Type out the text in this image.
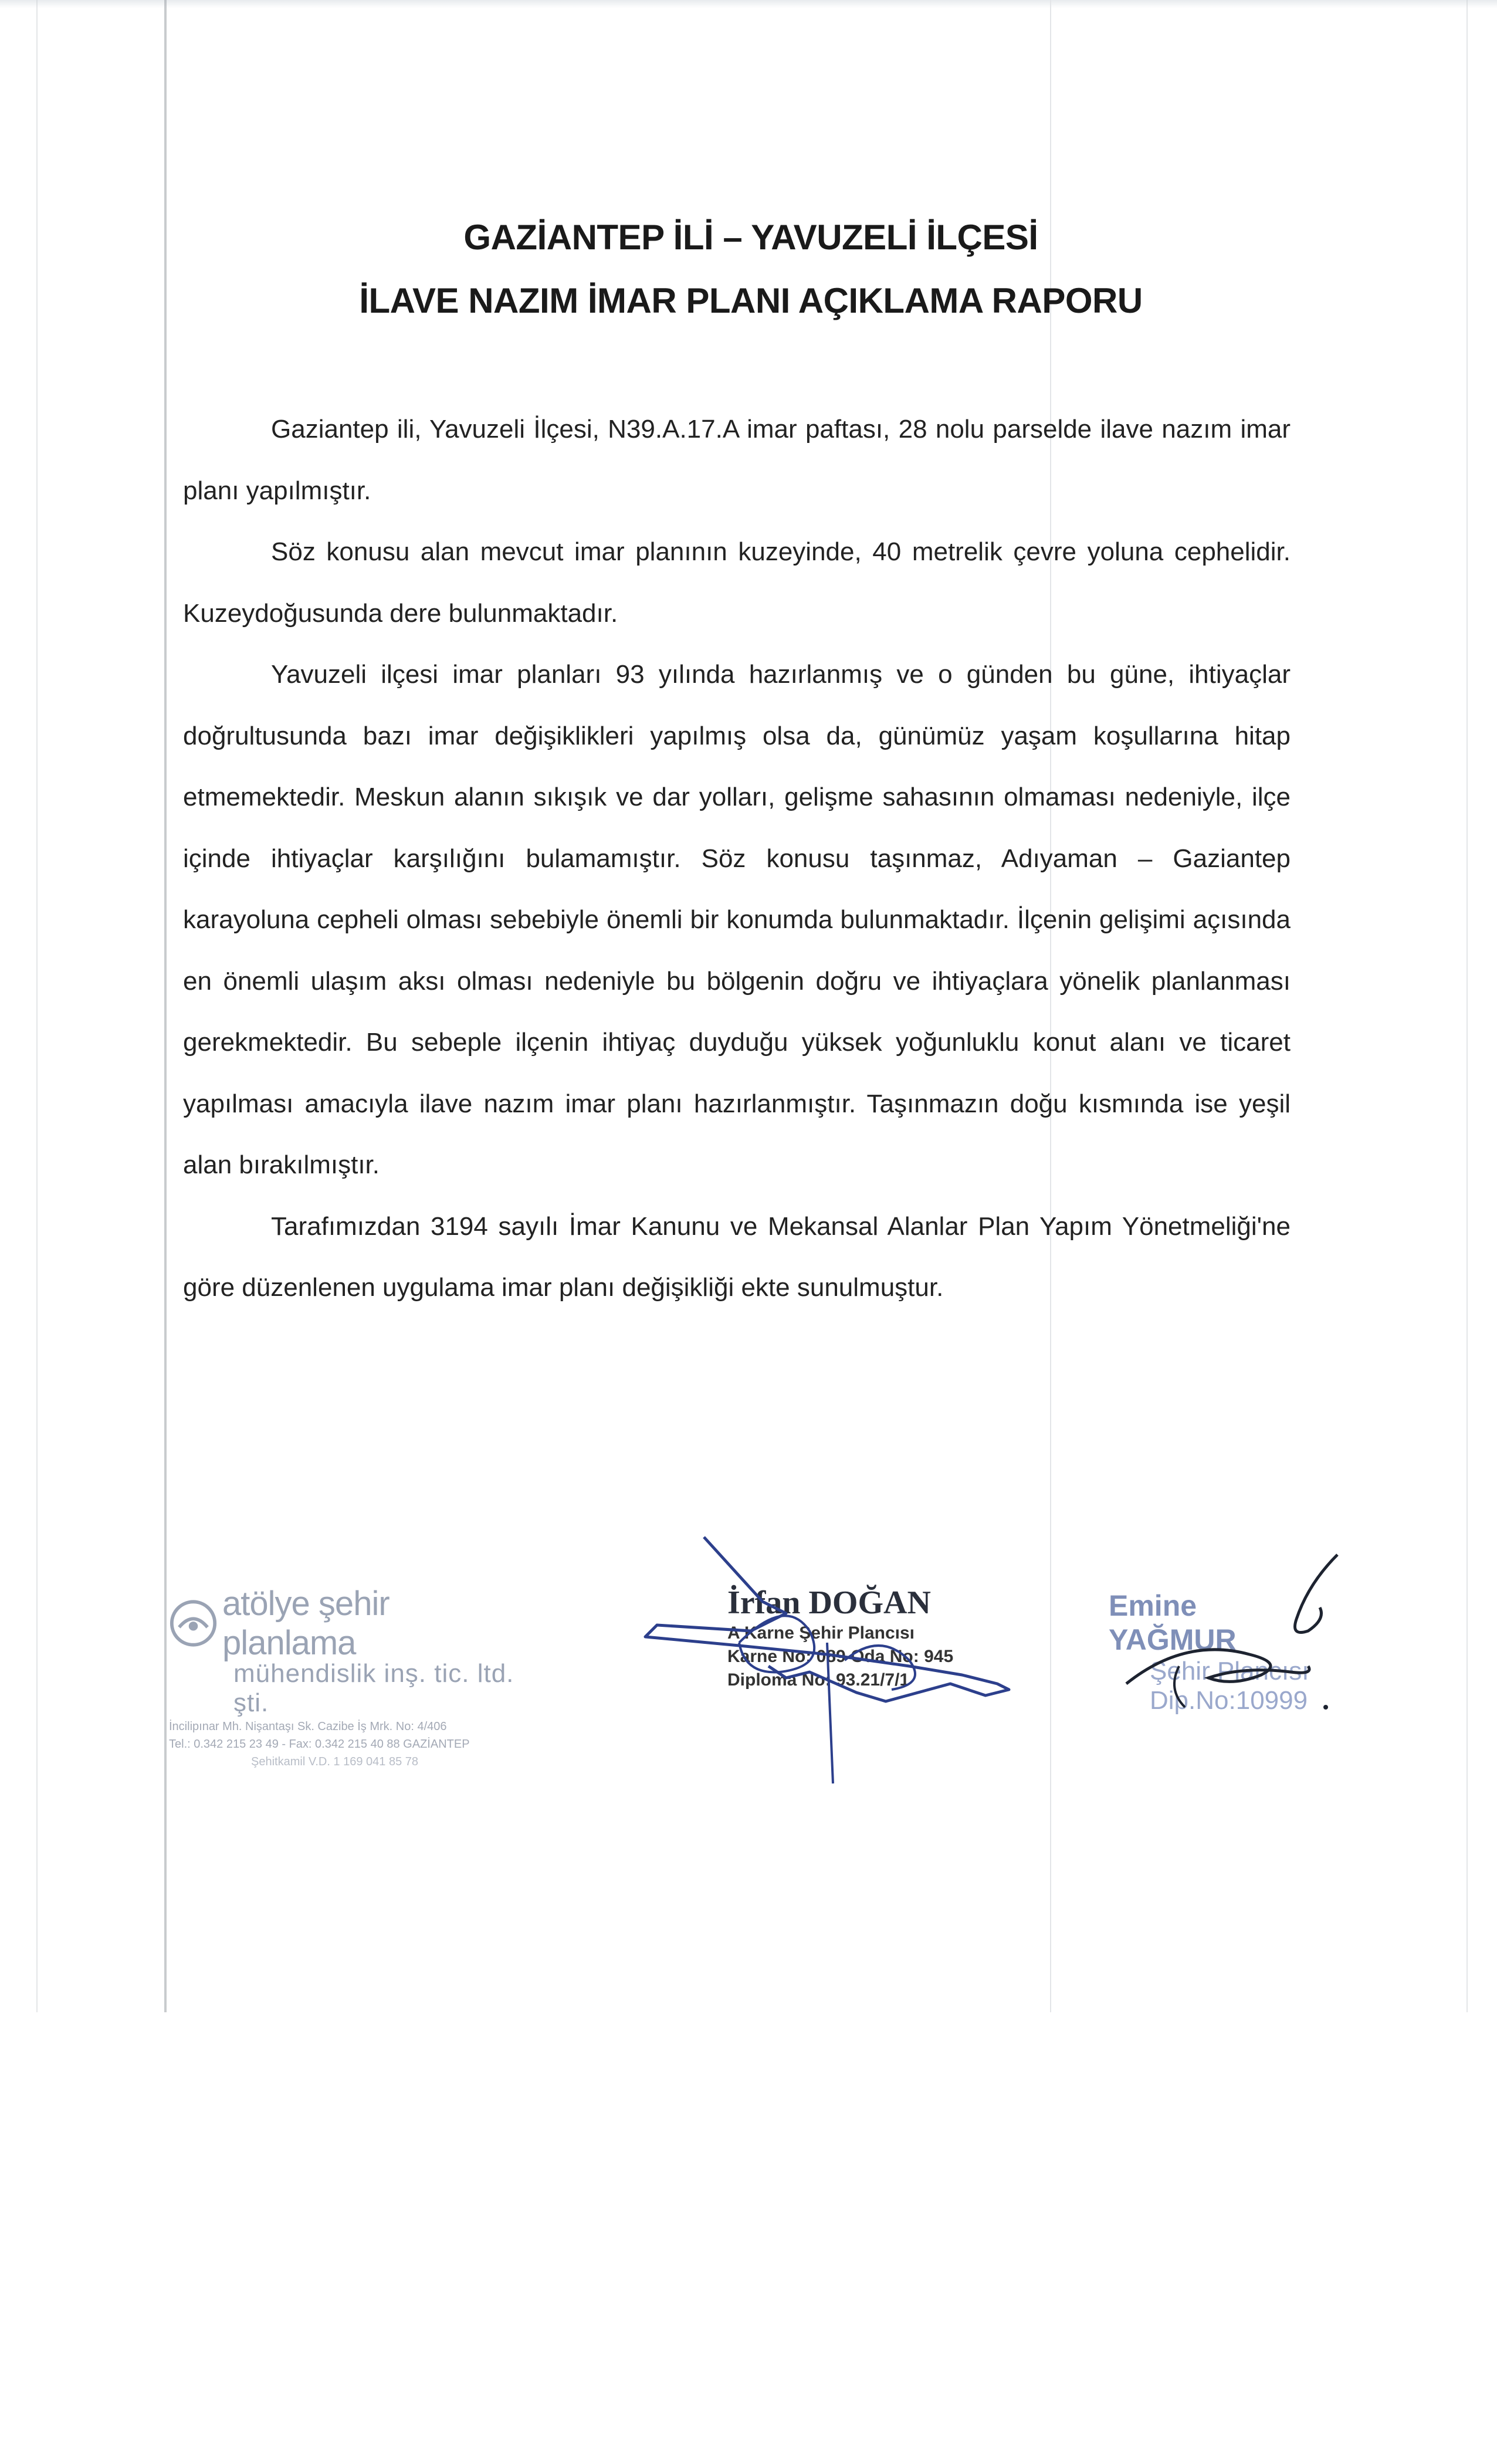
GAZİANTEP İLİ – YAVUZELİ İLÇESİ
İLAVE NAZIM İMAR PLANI AÇIKLAMA RAPORU

Gaziantep ili, Yavuzeli İlçesi, N39.A.17.A imar paftası, 28 nolu parselde ilave nazım imar planı yapılmıştır.

Söz konusu alan mevcut imar planının kuzeyinde, 40 metrelik çevre yoluna cephelidir. Kuzeydoğusunda dere bulunmaktadır.

Yavuzeli ilçesi imar planları 93 yılında hazırlanmış ve o günden bu güne, ihtiyaçlar doğrultusunda bazı imar değişiklikleri yapılmış olsa da, günümüz yaşam koşullarına hitap etmemektedir. Meskun alanın sıkışık ve dar yolları, gelişme sahasının olmaması nedeniyle, ilçe içinde ihtiyaçlar karşılığını bulamamıştır. Söz konusu taşınmaz, Adıyaman – Gaziantep karayoluna cepheli olması sebebiyle önemli bir konumda bulunmaktadır. İlçenin gelişimi açısında en önemli ulaşım aksı olması nedeniyle bu bölgenin doğru ve ihtiyaçlara yönelik planlanması gerekmektedir. Bu sebeple ilçenin ihtiyaç duyduğu yüksek yoğunluklu konut alanı ve ticaret yapılması amacıyla ilave nazım imar planı hazırlanmıştır. Taşınmazın doğu kısmında ise yeşil alan bırakılmıştır.

Tarafımızdan 3194 sayılı İmar Kanunu ve Mekansal Alanlar Plan Yapım Yönetmeliği'ne göre düzenlenen uygulama imar planı değişikliği ekte sunulmuştur.

atölye şehir planlama
mühendislik inş. tic. ltd. şti.
İncilipınar Mh. Nişantaşı Sk. Cazibe İş Mrk. No: 4/406
Tel.: 0.342 215 23 49 - Fax: 0.342 215 40 88 GAZİANTEP
Şehitkamil V.D. 1 169 041 85 78
İrfan DOĞAN
A Karne Şehir Plancısı
Karne No: 089 Oda No: 945
Diploma No: 93.21/7/1
Emine YAĞMUR
Şehir Plancısı
Dip.No:10999
